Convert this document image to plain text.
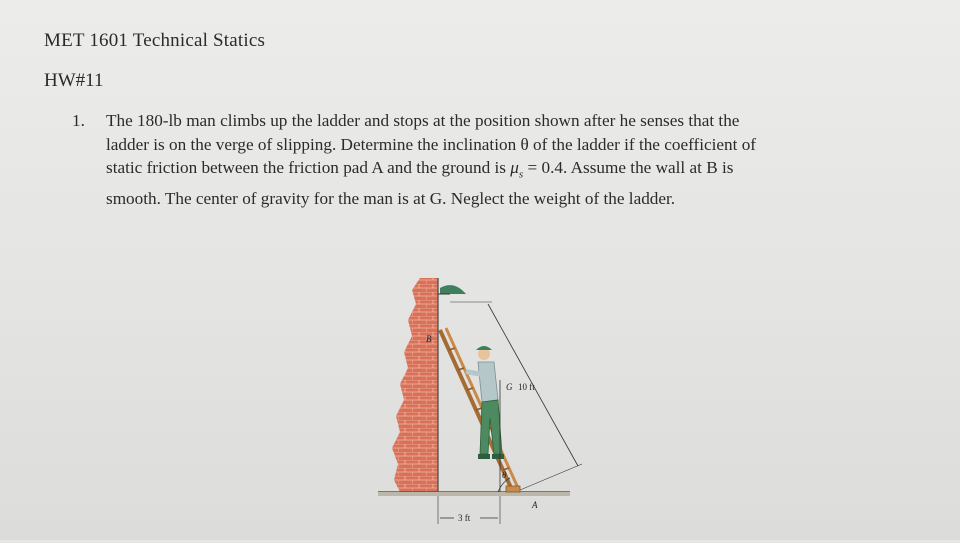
MET 1601 Technical Statics
HW#11
1. The 180-lb man climbs up the ladder and stops at the position shown after he senses that the
ladder is on the verge of slipping. Determine the inclination θ of the ladder if the coefficient of
static friction between the friction pad A and the ground is $\mu_s = 0.4$. Assume the wall at B is
smooth. The center of gravity for the man is at G. Neglect the weight of the ladder.
B
G 10 ft
θ
A
3 ft
